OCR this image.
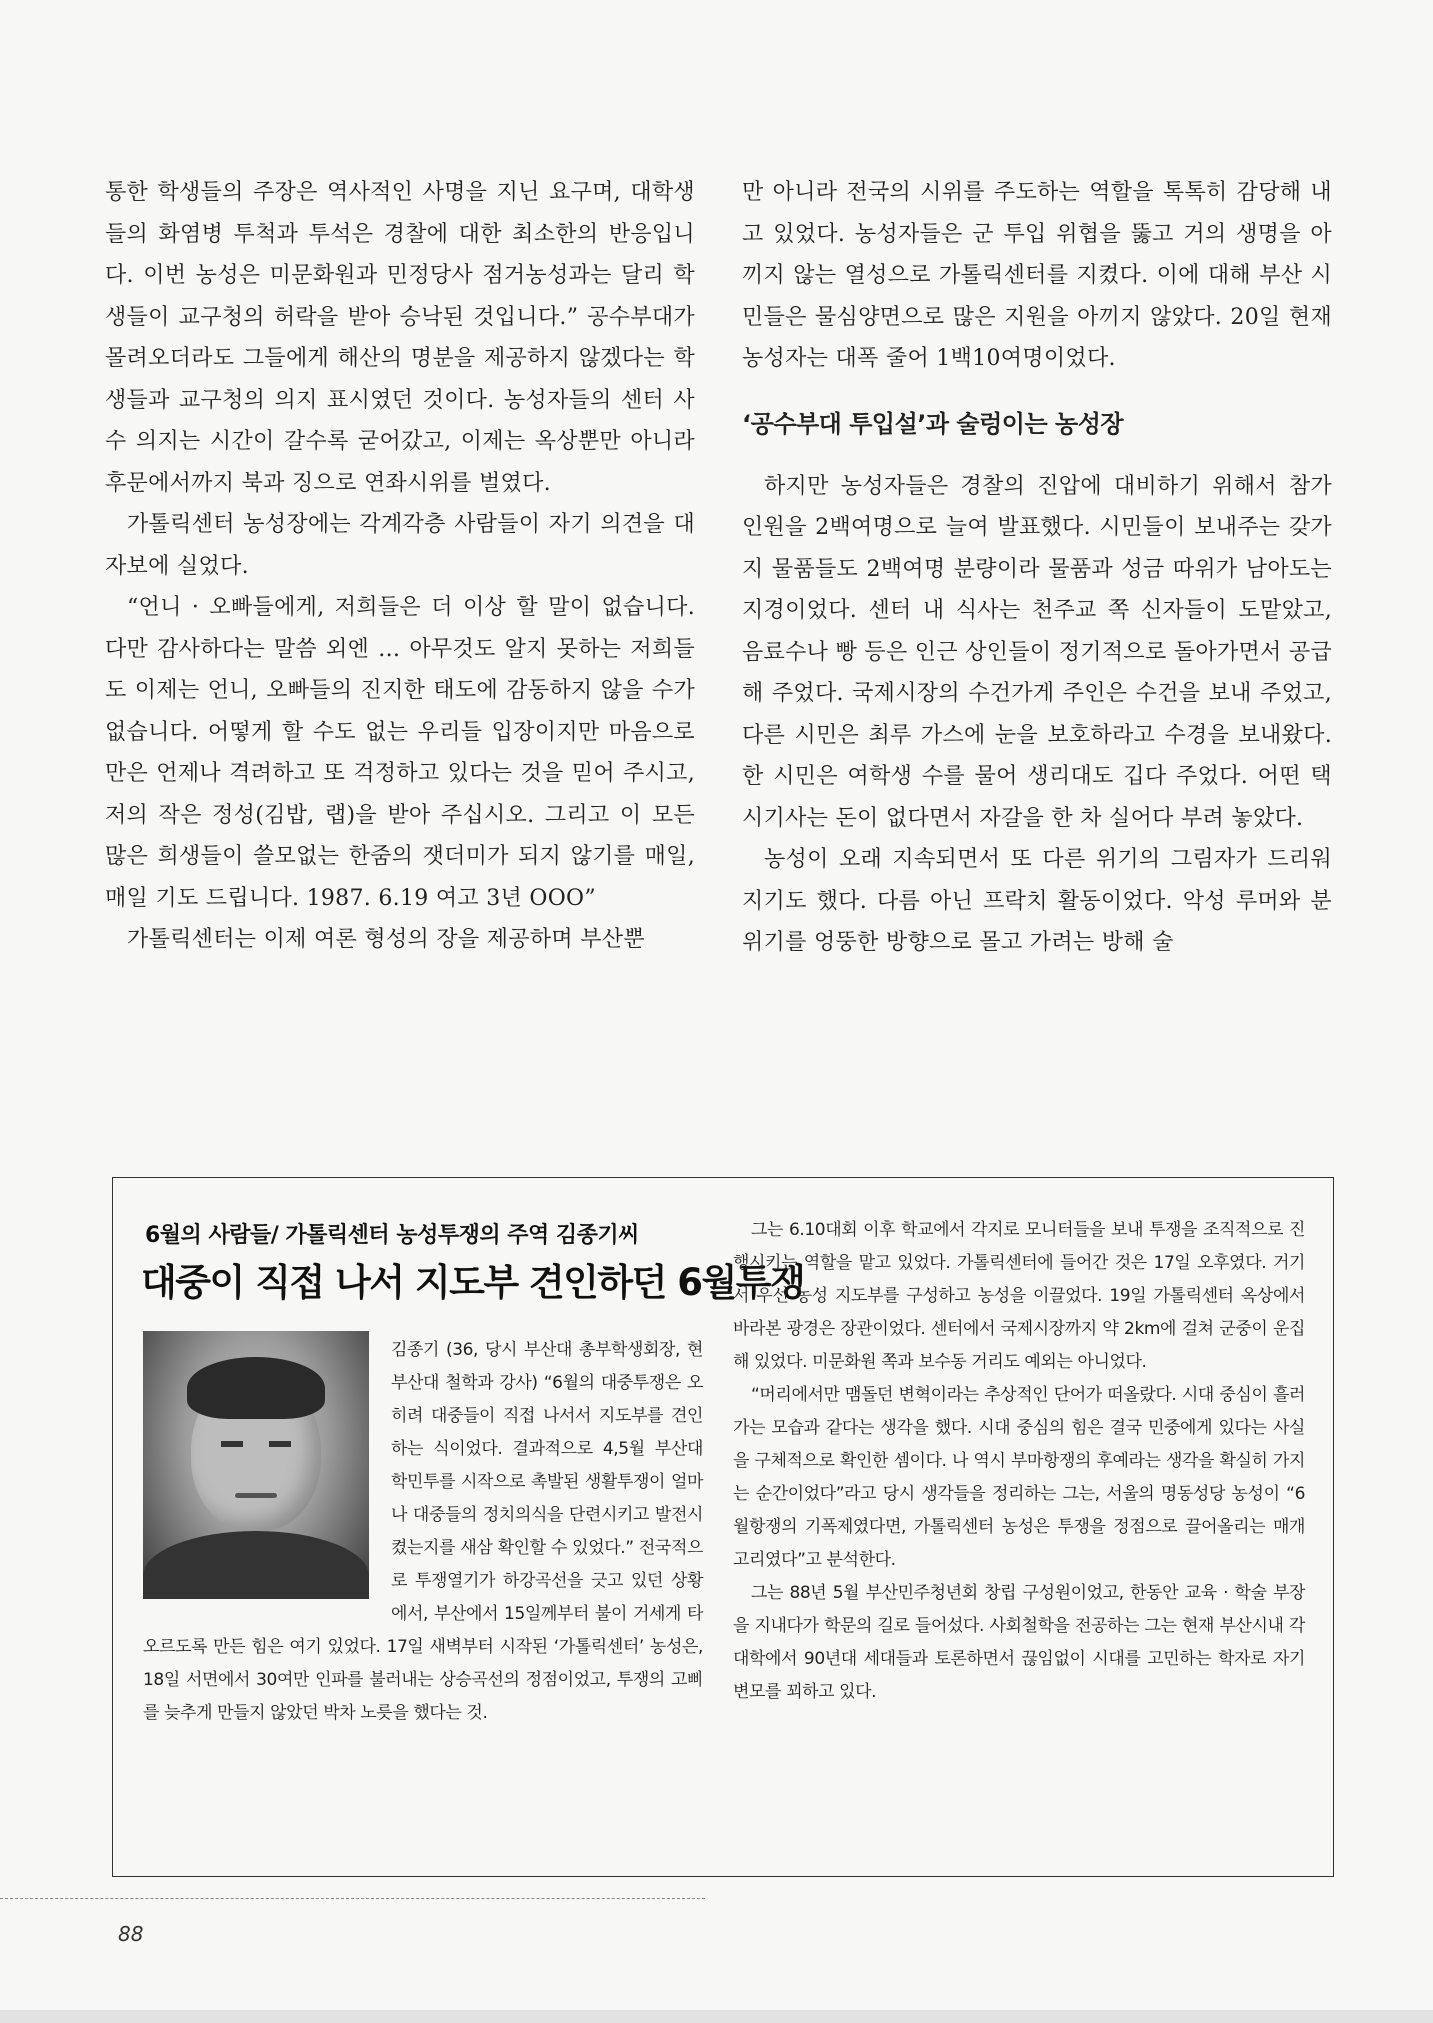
통한 학생들의 주장은 역사적인 사명을 지닌 요구며, 대학생들의 화염병 투척과 투석은 경찰에 대한 최소한의 반응입니다. 이번 농성은 미문화원과 민정당사 점거농성과는 달리 학생들이 교구청의 허락을 받아 승낙된 것입니다.” 공수부대가 몰려오더라도 그들에게 해산의 명분을 제공하지 않겠다는 학생들과 교구청의 의지 표시였던 것이다. 농성자들의 센터 사수 의지는 시간이 갈수록 굳어갔고, 이제는 옥상뿐만 아니라 후문에서까지 북과 징으로 연좌시위를 벌였다.

가톨릭센터 농성장에는 각계각층 사람들이 자기 의견을 대자보에 실었다.

“언니 · 오빠들에게, 저희들은 더 이상 할 말이 없습니다. 다만 감사하다는 말씀 외엔 … 아무것도 알지 못하는 저희들도 이제는 언니, 오빠들의 진지한 태도에 감동하지 않을 수가 없습니다. 어떻게 할 수도 없는 우리들 입장이지만 마음으로만은 언제나 격려하고 또 걱정하고 있다는 것을 믿어 주시고, 저의 작은 정성(김밥, 랩)을 받아 주십시오. 그리고 이 모든 많은 희생들이 쓸모없는 한줌의 잿더미가 되지 않기를 매일, 매일 기도 드립니다. 1987. 6.19 여고 3년 OOO”

가톨릭센터는 이제 여론 형성의 장을 제공하며 부산뿐

만 아니라 전국의 시위를 주도하는 역할을 톡톡히 감당해 내고 있었다. 농성자들은 군 투입 위협을 뚫고 거의 생명을 아끼지 않는 열성으로 가톨릭센터를 지켰다. 이에 대해 부산 시민들은 물심양면으로 많은 지원을 아끼지 않았다. 20일 현재 농성자는 대폭 줄어 1백10여명이었다.

‘공수부대 투입설’과 술렁이는 농성장

하지만 농성자들은 경찰의 진압에 대비하기 위해서 참가 인원을 2백여명으로 늘여 발표했다. 시민들이 보내주는 갖가지 물품들도 2백여명 분량이라 물품과 성금 따위가 남아도는 지경이었다. 센터 내 식사는 천주교 쪽 신자들이 도맡았고, 음료수나 빵 등은 인근 상인들이 정기적으로 돌아가면서 공급해 주었다. 국제시장의 수건가게 주인은 수건을 보내 주었고, 다른 시민은 최루 가스에 눈을 보호하라고 수경을 보내왔다. 한 시민은 여학생 수를 물어 생리대도 깁다 주었다. 어떤 택시기사는 돈이 없다면서 자갈을 한 차 실어다 부려 놓았다.

농성이 오래 지속되면서 또 다른 위기의 그림자가 드리워지기도 했다. 다름 아닌 프락치 활동이었다. 악성 루머와 분위기를 엉뚱한 방향으로 몰고 가려는 방해 술

6월의 사람들/ 가톨릭센터 농성투쟁의 주역 김종기씨
대중이 직접 나서 지도부 견인하던 6월투쟁

김종기 (36, 당시 부산대 총부학생회장, 현 부산대 철학과 강사) “6월의 대중투쟁은 오히려 대중들이 직접 나서서 지도부를 견인하는 식이었다. 결과적으로 4,5월 부산대 학민투를 시작으로 촉발된 생활투쟁이 얼마나 대중들의 정치의식을 단련시키고 발전시켰는지를 새삼 확인할 수 있었다.” 전국적으로 투쟁열기가 하강곡선을 긋고 있던 상황에서, 부산에서 15일께부터 불이 거세게 타오르도록 만든 힘은 여기 있었다. 17일 새벽부터 시작된 ‘가톨릭센터’ 농성은, 18일 서면에서 30여만 인파를 불러내는 상승곡선의 정점이었고, 투쟁의 고삐를 늦추게 만들지 않았던 박차 노릇을 했다는 것.

그는 6.10대회 이후 학교에서 각지로 모니터들을 보내 투쟁을 조직적으로 진행시키는 역할을 맡고 있었다. 가톨릭센터에 들어간 것은 17일 오후였다. 거기서 우선 농성 지도부를 구성하고 농성을 이끌었다. 19일 가톨릭센터 옥상에서 바라본 광경은 장관이었다. 센터에서 국제시장까지 약 2km에 걸쳐 군중이 운집해 있었다. 미문화원 쪽과 보수동 거리도 예외는 아니었다.

“머리에서만 맴돌던 변혁이라는 추상적인 단어가 떠올랐다. 시대 중심이 흘러가는 모습과 같다는 생각을 했다. 시대 중심의 힘은 결국 민중에게 있다는 사실을 구체적으로 확인한 셈이다. 나 역시 부마항쟁의 후예라는 생각을 확실히 가지는 순간이었다”라고 당시 생각들을 정리하는 그는, 서울의 명동성당 농성이 “6월항쟁의 기폭제였다면, 가톨릭센터 농성은 투쟁을 정점으로 끌어올리는 매개 고리였다”고 분석한다.

그는 88년 5월 부산민주청년회 창립 구성원이었고, 한동안 교육 · 학술 부장을 지내다가 학문의 길로 들어섰다. 사회철학을 전공하는 그는 현재 부산시내 각 대학에서 90년대 세대들과 토론하면서 끊임없이 시대를 고민하는 학자로 자기 변모를 꾀하고 있다.

88
